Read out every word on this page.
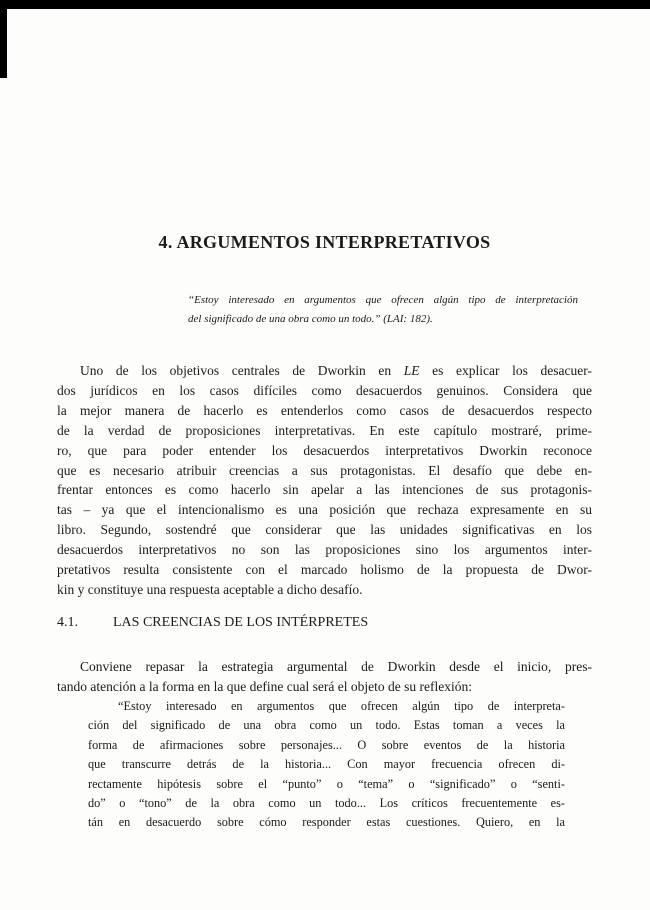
4. ARGUMENTOS INTERPRETATIVOS
“Estoy interesado en argumentos que ofrecen algún tipo de interpretación
del significado de una obra como un todo.” (LAI: 182).
Uno de los objetivos centrales de Dworkin en LE es explicar los desacuer-
dos jurídicos en los casos difíciles como desacuerdos genuinos. Considera que
la mejor manera de hacerlo es entenderlos como casos de desacuerdos respecto
de la verdad de proposiciones interpretativas. En este capítulo mostraré, prime-
ro, que para poder entender los desacuerdos interpretativos Dworkin reconoce
que es necesario atribuir creencias a sus protagonistas. El desafío que debe en-
frentar entonces es como hacerlo sin apelar a las intenciones de sus protagonis-
tas – ya que el intencionalismo es una posición que rechaza expresamente en su
libro. Segundo, sostendré que considerar que las unidades significativas en los
desacuerdos interpretativos no son las proposiciones sino los argumentos inter-
pretativos resulta consistente con el marcado holismo de la propuesta de Dwor-
kin y constituye una respuesta aceptable a dicho desafío.
4.1.	LAS CREENCIAS DE LOS INTÉRPRETES
Conviene repasar la estrategia argumental de Dworkin desde el inicio, pres-
tando atención a la forma en la que define cual será el objeto de su reflexión:
“Estoy interesado en argumentos que ofrecen algún tipo de interpreta-
ción del significado de una obra como un todo. Estas toman a veces la
forma de afirmaciones sobre personajes... O sobre eventos de la historia
que transcurre detrás de la historia... Con mayor frecuencia ofrecen di-
rectamente hipótesis sobre el “punto” o “tema” o “significado” o “senti-
do” o “tono” de la obra como un todo... Los críticos frecuentemente es-
tán en desacuerdo sobre cómo responder estas cuestiones. Quiero, en la
